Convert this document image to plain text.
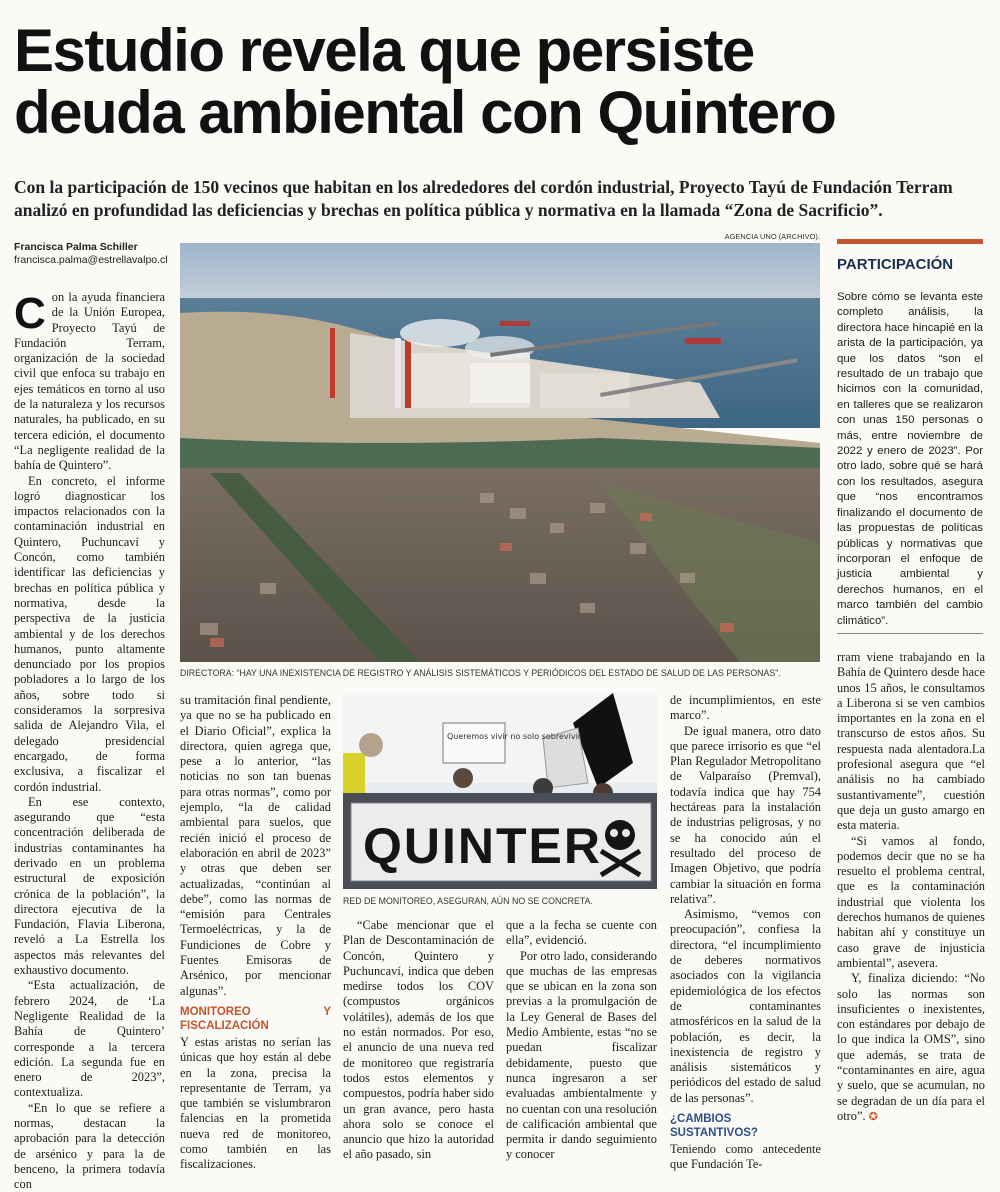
Estudio revela que persiste
deuda ambiental con Quintero

Con la participación de 150 vecinos que habitan en los alrededores del cordón industrial, Proyecto Tayú de Fundación Terram analizó en profundidad las deficiencias y brechas en política pública y normativa en la llamada “Zona de Sacrificio”.

Francisca Palma Schiller
francisca.palma@estrellavalpo.cl
AGENCIA UNO (ARCHIVO).
DIRECTORA: “HAY UNA INEXISTENCIA DE REGISTRO Y ANÁLISIS SISTEMÁTICOS Y PERIÓDICOS DEL ESTADO DE SALUD DE LAS PERSONAS”.
Queremos vivir no solo sobrevivir
QUINTER
RED DE MONITOREO, ASEGURAN, AÚN NO SE CONCRETA.

Con la ayuda financiera de la Unión Europea, Proyecto Tayú de Fundación Terram, organización de la sociedad civil que enfoca su trabajo en ejes temáticos en torno al uso de la naturaleza y los recursos naturales, ha publicado, en su tercera edición, el documento “La negligente realidad de la bahía de Quintero”.

En concreto, el informe logró diagnosticar los impactos relacionados con la contaminación industrial en Quintero, Puchuncaví y Concón, como también identificar las deficiencias y brechas en política pública y normativa, desde la perspectiva de la justicia ambiental y de los derechos humanos, punto altamente denunciado por los propios pobladores a lo largo de los años, sobre todo si consideramos la sorpresiva salida de Alejandro Vila, el delegado presidencial encargado, de forma exclusiva, a fiscalizar el cordón industrial.

En ese contexto, asegurando que “esta concentración deliberada de industrias contaminantes ha derivado en un problema estructural de exposición crónica de la población”, la directora ejecutiva de la Fundación, Flavia Liberona, reveló a La Estrella los aspectos más relevantes del exhaustivo documento.

“Esta actualización, de febrero 2024, de ‘La Negligente Realidad de la Bahía de Quintero’ corresponde a la tercera edición. La segunda fue en enero de 2023”, contextualiza.

“En lo que se refiere a normas, destacan la aprobación para la detección de arsénico y para la de benceno, la primera todavía con

su tramitación final pendiente, ya que no se ha publicado en el Diario Oficial”, explica la directora, quien agrega que, pese a lo anterior, “las noticias no son tan buenas para otras normas”, como por ejemplo, “la de calidad ambiental para suelos, que recién inició el proceso de elaboración en abril de 2023” y otras que deben ser actualizadas, “continúan al debe”, como las normas de “emisión para Centrales Termoeléctricas, y la de Fundiciones de Cobre y Fuentes Emisoras de Arsénico, por mencionar algunas”.

MONITOREO Y FISCALIZACIÓN

Y estas aristas no serían las únicas que hoy están al debe en la zona, precisa la representante de Terram, ya que también se vislumbraron falencias en la prometida nueva red de monitoreo, como también en las fiscalizaciones.

“Cabe mencionar que el Plan de Descontaminación de Concón, Quintero y Puchuncaví, indica que deben medirse todos los COV (compustos orgánicos volátiles), además de los que no están normados. Por eso, el anuncio de una nueva red de monitoreo que registraría todos estos elementos y compuestos, podría haber sido un gran avance, pero hasta ahora solo se conoce el anuncio que hizo la autoridad el año pasado, sin

que a la fecha se cuente con ella”, evidenció.

Por otro lado, considerando que muchas de las empresas que se ubican en la zona son previas a la promulgación de la Ley General de Bases del Medio Ambiente, estas “no se puedan fiscalizar debidamente, puesto que nunca ingresaron a ser evaluadas ambientalmente y no cuentan con una resolución de calificación ambiental que permita ir dando seguimiento y conocer

de incumplimientos, en este marco”.

De igual manera, otro dato que parece irrisorio es que “el Plan Regulador Metropolitano de Valparaíso (Premval), todavía indica que hay 754 hectáreas para la instalación de industrias peligrosas, y no se ha conocido aún el resultado del proceso de Imagen Objetivo, que podría cambiar la situación en forma relativa”.

Asimismo, “vemos con preocupación”, confiesa la directora, “el incumplimiento de deberes normativos asociados con la vigilancia epidemiológica de los efectos de contaminantes atmosféricos en la salud de la población, es decir, la inexistencia de registro y análisis sistemáticos y periódicos del estado de salud de las personas”.

¿CAMBIOS SUSTANTIVOS?

Teniendo como antecedente que Fundación Te-

rram viene trabajando en la Bahía de Quintero desde hace unos 15 años, le consultamos a Liberona si se ven cambios importantes en la zona en el transcurso de estos años. Su respuesta nada alentadora.La profesional asegura que “el análisis no ha cambiado sustantivamente”, cuestión que deja un gusto amargo en esta materia.

“Si vamos al fondo, podemos decir que no se ha resuelto el problema central, que es la contaminación industrial que violenta los derechos humanos de quienes habitan ahí y constituye un caso grave de injusticia ambiental”, asevera.

Y, finaliza diciendo: “No solo las normas son insuficientes o inexistentes, con estándares por debajo de lo que indica la OMS”, sino que además, se trata de “contaminantes en aire, agua y suelo, que se acumulan, no se degradan de un día para el otro”. ✪

PARTICIPACIÓN
Sobre cómo se levanta este completo análisis, la directora hace hincapié en la arista de la participación, ya que los datos “son el resultado de un trabajo que hicimos con la comunidad, en talleres que se realizaron con unas 150 personas o más, entre noviembre de 2022 y enero de 2023”. Por otro lado, sobre qué se hará con los resultados, asegura que “nos encontramos finalizando el documento de las propuestas de políticas públicas y normativas que incorporan el enfoque de justicia ambiental y derechos humanos, en el marco también del cambio climático”.
